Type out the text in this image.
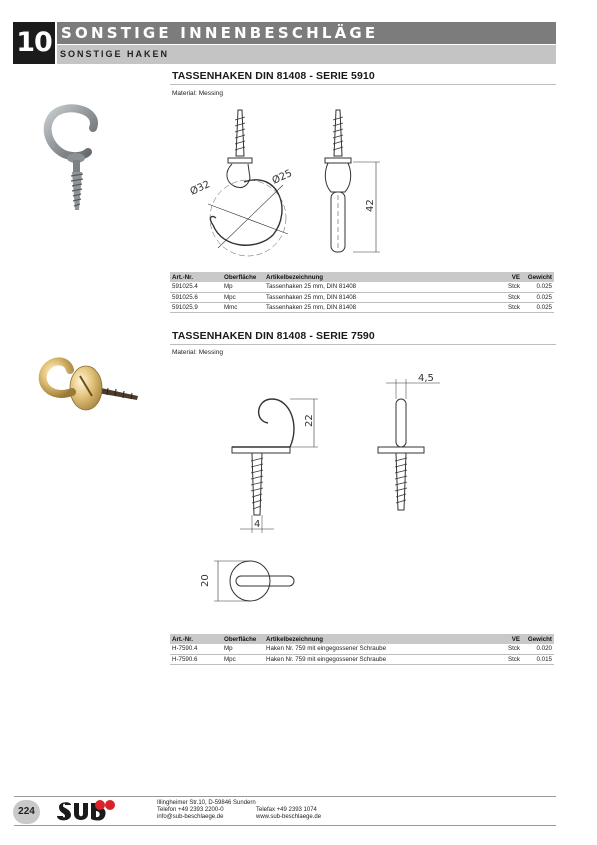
10 SONSTIGE INNENBESCHLÄGE
SONSTIGE HAKEN
TASSENHAKEN DIN 81408 - SERIE 5910
Material: Messing
Ø32
Ø25
42
Art.-Nr.	Oberfläche	Artikelbezeichnung	VE	Gewicht
591025.4	Mp	Tassenhaken 25 mm, DIN 81408	Stck	0.025
591025.6	Mpc	Tassenhaken 25 mm, DIN 81408	Stck	0.025
591025.9	Mmc	Tassenhaken 25 mm, DIN 81408	Stck	0.025
TASSENHAKEN DIN 81408 - SERIE 7590
Material: Messing
22
4
4,5
20
Art.-Nr.	Oberfläche	Artikelbezeichnung	VE	Gewicht
H-7590.4	Mp	Haken Nr. 759 mit eingegossener Schraube	Stck	0.020
H-7590.6	Mpc	Haken Nr. 759 mit eingegossener Schraube	Stck	0.015
224
Illingheimer Str.10, D-59846 Sundern
Telefon +49 2393 2200-0	Telefax +49 2393 1074
info@sub-beschlaege.de	www.sub-beschlaege.de
